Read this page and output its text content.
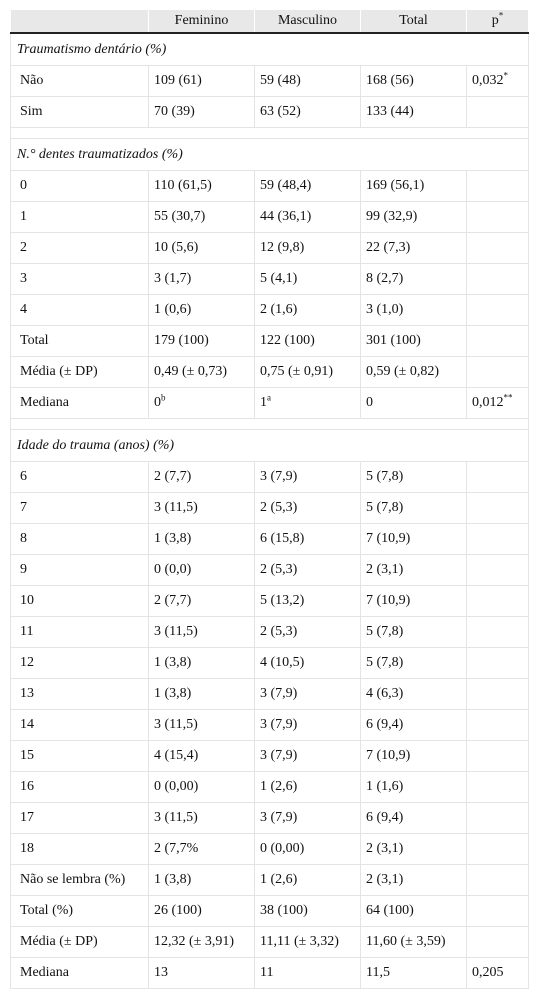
	Feminino	Masculino	Total	p*
Traumatismo dentário (%)				
Não	109 (61)	59 (48)	168 (56)	0,032*
Sim	70 (39)	63 (52)	133 (44)	

N.° dentes traumatizados (%)				
0	110 (61,5)	59 (48,4)	169 (56,1)	
1	55 (30,7)	44 (36,1)	99 (32,9)	
2	10 (5,6)	12 (9,8)	22 (7,3)	
3	3 (1,7)	5 (4,1)	8 (2,7)	
4	1 (0,6)	2 (1,6)	3 (1,0)	
Total	179 (100)	122 (100)	301 (100)	
Média (± DP)	0,49 (± 0,73)	0,75 (± 0,91)	0,59 (± 0,82)	
Mediana	0$^b$	1$^a$	0	0,012**

Idade do trauma (anos) (%)				
6	2 (7,7)	3 (7,9)	5 (7,8)	
7	3 (11,5)	2 (5,3)	5 (7,8)	
8	1 (3,8)	6 (15,8)	7 (10,9)	
9	0 (0,0)	2 (5,3)	2 (3,1)	
10	2 (7,7)	5 (13,2)	7 (10,9)	
11	3 (11,5)	2 (5,3)	5 (7,8)	
12	1 (3,8)	4 (10,5)	5 (7,8)	
13	1 (3,8)	3 (7,9)	4 (6,3)	
14	3 (11,5)	3 (7,9)	6 (9,4)	
15	4 (15,4)	3 (7,9)	7 (10,9)	
16	0 (0,00)	1 (2,6)	1 (1,6)	
17	3 (11,5)	3 (7,9)	6 (9,4)	
18	2 (7,7%	0 (0,00)	2 (3,1)	
Não se lembra (%)	1 (3,8)	1 (2,6)	2 (3,1)	
Total (%)	26 (100)	38 (100)	64 (100)	
Média (± DP)	12,32 (± 3,91)	11,11 (± 3,32)	11,60 (± 3,59)	
Mediana	13	11	11,5	0,205
